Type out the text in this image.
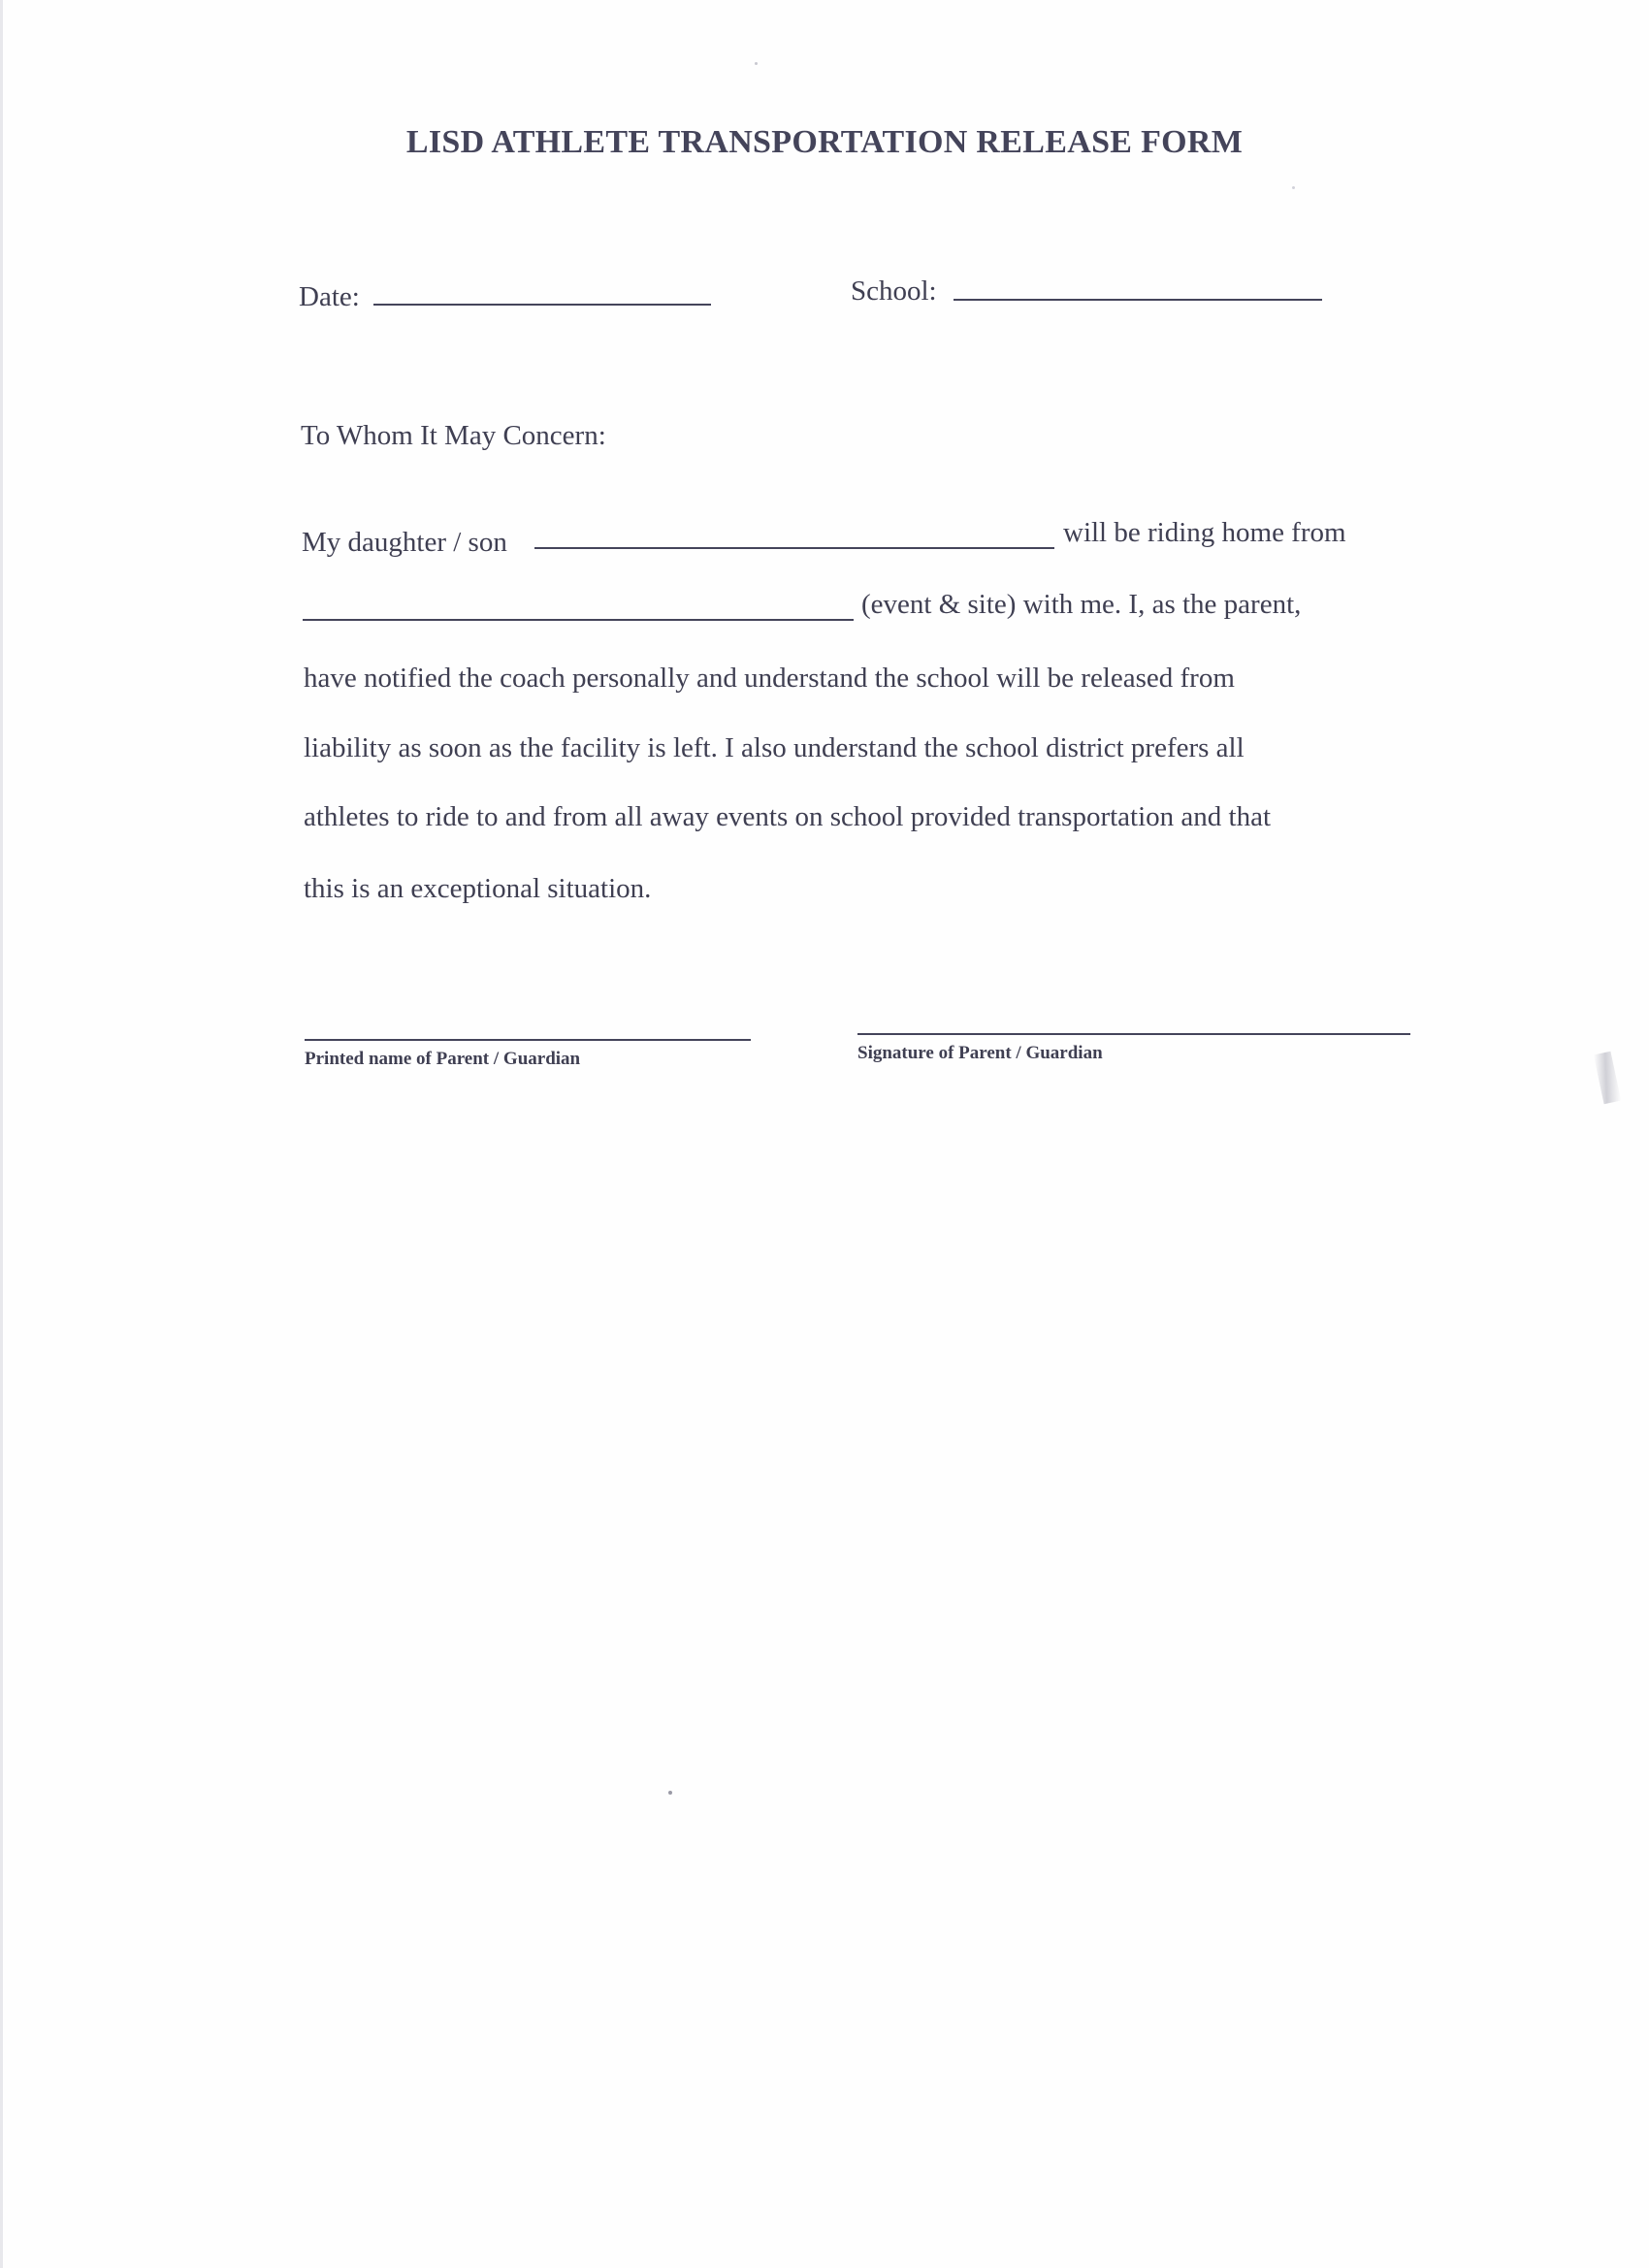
LISD ATHLETE TRANSPORTATION RELEASE FORM
Date:	School:
To Whom It May Concern:
My daughter / son	will be riding home from
(event & site) with me. I, as the parent,
have notified the coach personally and understand the school will be released from
liability as soon as the facility is left. I also understand the school district prefers all
athletes to ride to and from all away events on school provided transportation and that
this is an exceptional situation.
Printed name of Parent / Guardian	Signature of Parent / Guardian
